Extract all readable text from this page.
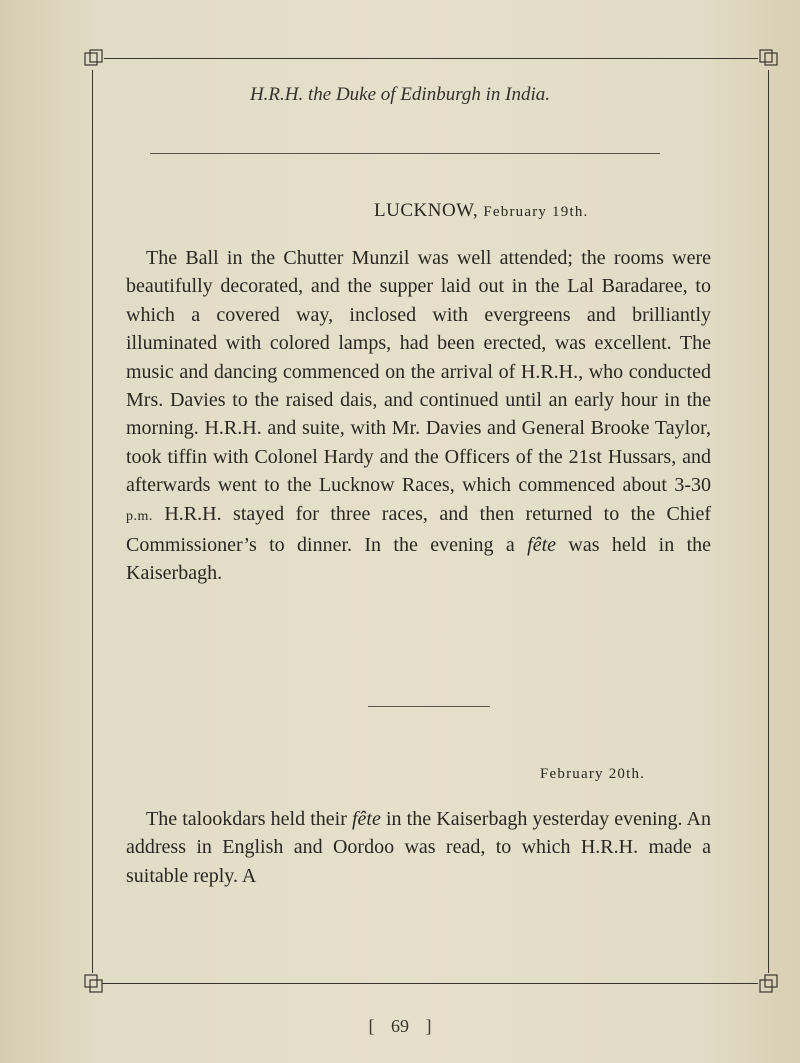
H.R.H. the Duke of Edinburgh in India.
LUCKNOW, February 19th.

The Ball in the Chutter Munzil was well attended; the rooms were beautifully decorated, and the supper laid out in the Lal Baradaree, to which a covered way, inclosed with evergreens and brilliantly illuminated with colored lamps, had been erected, was excellent. The music and dancing commenced on the arrival of H.R.H., who conducted Mrs. Davies to the raised dais, and continued until an early hour in the morning. H.R.H. and suite, with Mr. Davies and General Brooke Taylor, took tiffin with Colonel Hardy and the Officers of the 21st Hussars, and afterwards went to the Lucknow Races, which commenced about 3-30 p.m. H.R.H. stayed for three races, and then returned to the Chief Commissioner’s to dinner. In the evening a fête was held in the Kaiserbagh.

February 20th.

The talookdars held their fête in the Kaiserbagh yesterday evening. An address in English and Oordoo was read, to which H.R.H. made a suitable reply. A

[ 69 ]
